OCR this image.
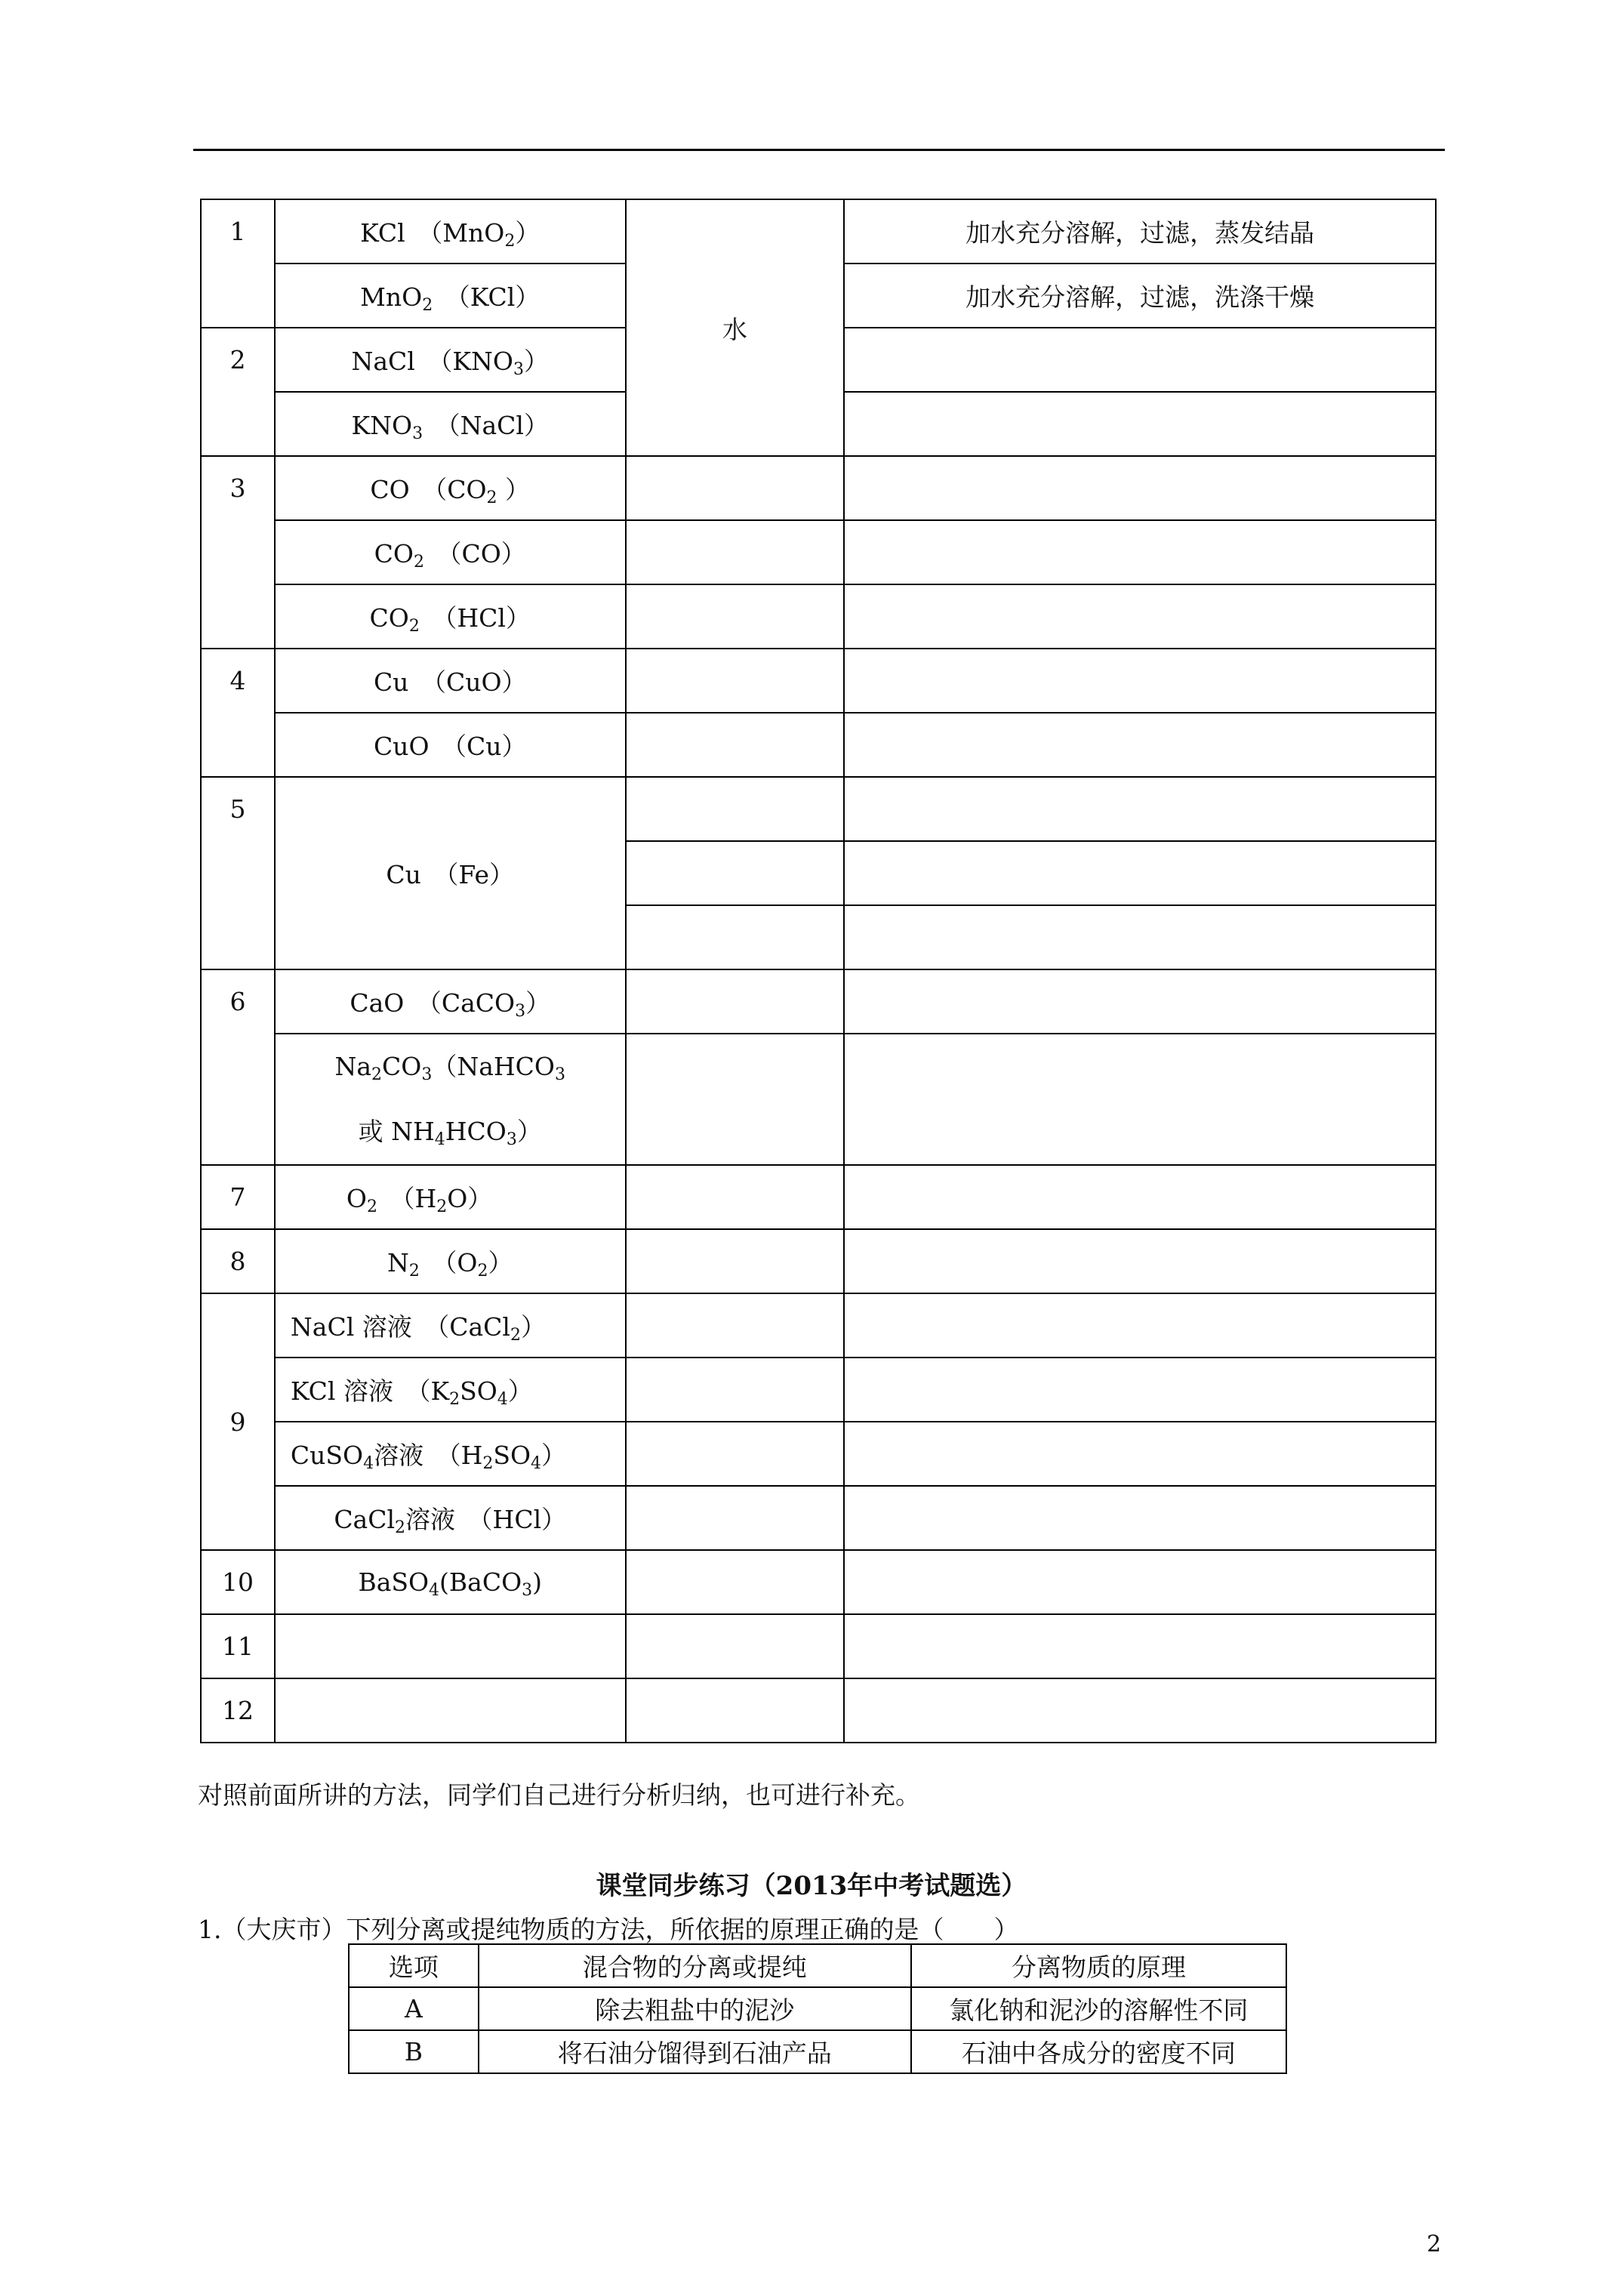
1	KCl　（MnO$_2$）	水	加水充分溶解，过滤，蒸发结晶
	MnO$_2$　（KCl）		加水充分溶解，过滤，洗涤干燥
2	NaCl　$(KNO_3)$		
	$KNO_3$　（NaCl）		
3	CO　（$CO_2$ ）		
	$CO_2$　（CO）		
	$CO_2$　（HCl）		
4	Cu　（CuO）		
	CuO　（Cu）		
5	Cu　（Fe）		

6	CaO　（CaCO$_3$）		
	$Na_2CO_3(NaHCO_3$
或 $NH_4HCO_3$）		
7	$O_2$　$(H_2O)$		
8	$N_2$　$(O_2)$		
9	NaCl 溶液　（CaCl$_2$）		
	KCl 溶液　$(K_2SO_4)$		
	CuSO$_4$溶液　$(H_2SO_4)$		
	CaCl$_2$溶液　（HCl）		
10	BaSO$_4$(BaCO$_3$)		
11			
12			
对照前面所讲的方法，同学们自己进行分析归纳，也可进行补充。
课堂同步练习（2013年中考试题选）
1.（大庆市）下列分离或提纯物质的方法，所依据的原理正确的是（　　）
选项	混合物的分离或提纯	分离物质的原理
A	除去粗盐中的泥沙	氯化钠和泥沙的溶解性不同
B	将石油分馏得到石油产品	石油中各成分的密度不同
2
